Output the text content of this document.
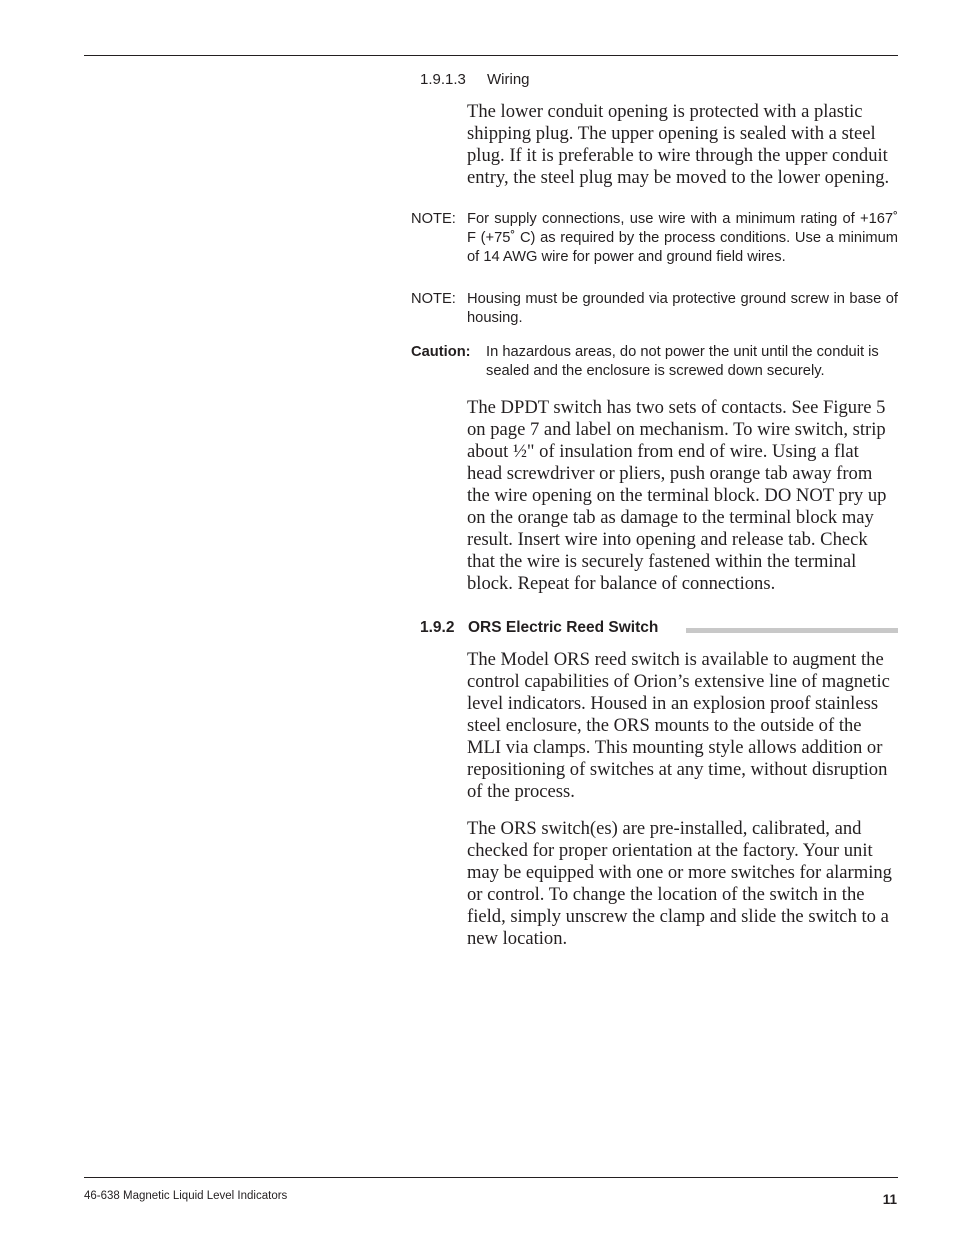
1.9.1.3 Wiring

The lower conduit opening is protected with a plastic shipping plug. The upper opening is sealed with a steel plug. If it is preferable to wire through the upper conduit entry, the steel plug may be moved to the lower opening.

NOTE: For supply connections, use wire with a minimum rating of +167˚ F (+75˚ C) as required by the process conditions. Use a minimum of 14 AWG wire for power and ground field wires.
NOTE: Housing must be grounded via protective ground screw in base of housing.
Caution: In hazardous areas, do not power the unit until the conduit is sealed and the enclosure is screwed down securely.

The DPDT switch has two sets of contacts. See Figure 5 on page 7 and label on mechanism. To wire switch, strip about ½" of insulation from end of wire. Using a flat head screwdriver or pliers, push orange tab away from the wire opening on the terminal block. DO NOT pry up on the orange tab as damage to the terminal block may result. Insert wire into opening and release tab. Check that the wire is securely fastened within the terminal block. Repeat for balance of connections.

1.9.2 ORS Electric Reed Switch

The Model ORS reed switch is available to augment the control capabilities of Orion’s extensive line of magnetic level indicators. Housed in an explosion proof stainless steel enclosure, the ORS mounts to the outside of the MLI via clamps. This mounting style allows addition or repositioning of switches at any time, without disruption of the process.

The ORS switch(es) are pre-installed, calibrated, and checked for proper orientation at the factory. Your unit may be equipped with one or more switches for alarming or control. To change the location of the switch in the field, simply unscrew the clamp and slide the switch to a new location.

46-638 Magnetic Liquid Level Indicators	11
